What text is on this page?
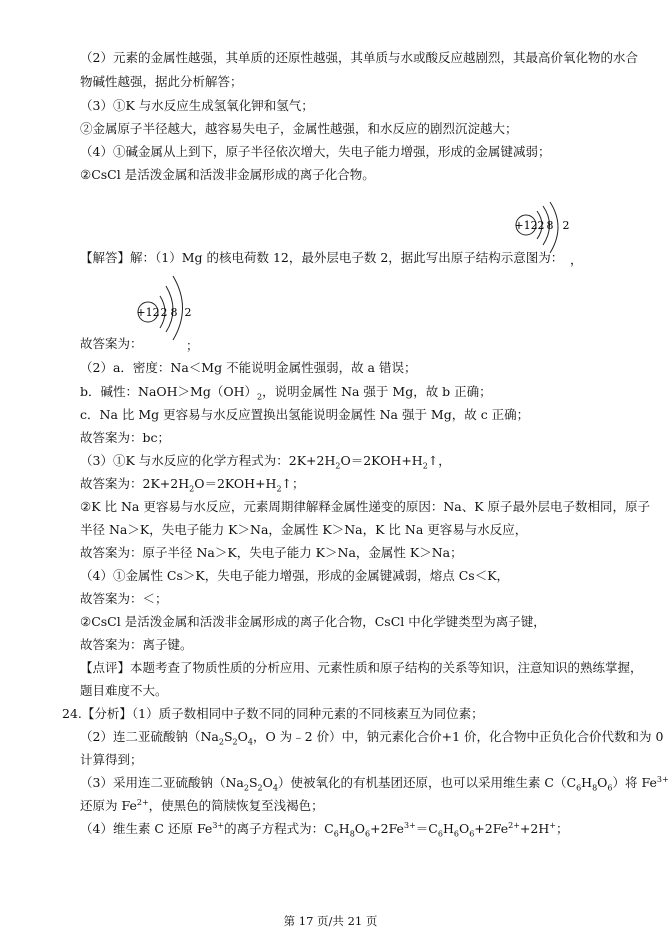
（2）元素的金属性越强，其单质的还原性越强，其单质与水或酸反应越剧烈，其最高价氧化物的水合
物碱性越强，据此分析解答；
（3）①K 与水反应生成氢氧化钾和氢气；
②金属原子半径越大，越容易失电子，金属性越强，和水反应的剧烈沉淀越大；
（4）①碱金属从上到下，原子半径依次增大，失电子能力增强，形成的金属键减弱；
②CsCl 是活泼金属和活泼非金属形成的离子化合物。
+12 2 8 2
【解答】解：（1）Mg 的核电荷数 12，最外层电子数 2，据此写出原子结构示意图为： ，
+12 2 8 2
故答案为：	；
（2）a．密度：Na＜Mg 不能说明金属性强弱，故 a 错误；
b．碱性：$NaOH>Mg(OH)_2$，说明金属性 Na 强于 Mg，故 b 正确；
c．Na 比 Mg 更容易与水反应置换出氢能说明金属性 Na 强于 Mg，故 c 正确；
故答案为：bc；
（3）①K 与水反应的化学方程式为：$2K+2H_2O=2KOH+H_2↑$，
故答案为：$2K+2H_2O=2KOH+H_2↑$；
②K 比 Na 更容易与水反应，元素周期律解释金属性递变的原因：Na、K 原子最外层电子数相同，原子
半径 Na＞K，失电子能力 K＞Na，金属性 K＞Na，K 比 Na 更容易与水反应，
故答案为：原子半径 Na＞K，失电子能力 K＞Na，金属性 K＞Na；
（4）①金属性 Cs＞K，失电子能力增强，形成的金属键减弱，熔点 Cs＜K，
故答案为：＜；
②CsCl 是活泼金属和活泼非金属形成的离子化合物，CsCl 中化学键类型为离子键，
故答案为：离子键。
【点评】本题考查了物质性质的分析应用、元素性质和原子结构的关系等知识，注意知识的熟练掌握，
题目难度不大。
24.【分析】（1）质子数相同中子数不同的同种元素的不同核素互为同位素；
（2）连二亚硫酸钠（$Na_2S_2O_4$，O 为﹣2 价）中，钠元素化合价+1 价，化合物中正负化合价代数和为 0
计算得到；
（3）采用连二亚硫酸钠$(Na_2S_2O_4)$使被氧化的有机基团还原，也可以采用维生素 $C(C_6H_8O_6)$将 $Fe^{3+}$
还原为 $Fe^{2+}$，使黑色的简牍恢复至浅褐色；
（4）维生素 C 还原 $Fe^{3+}$的离子方程式为：$C_6H_8O_6+2Fe^{3+}=C_6H_6O_6+2Fe^{2+}+2H^+$；
第 17 页/共 21 页
